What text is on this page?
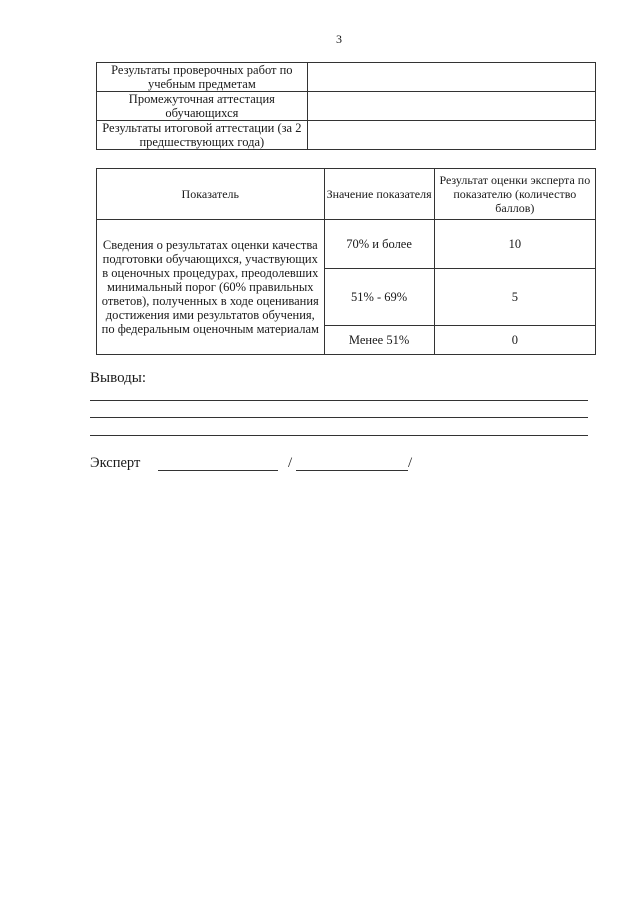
3
Результаты проверочных работ по учебным предметам	
Промежуточная аттестация обучающихся	
Результаты итоговой аттестации (за 2 предшествующих года)	
Показатель	Значение показателя	Результат оценки эксперта по показателю (количество баллов)
Сведения о результатах оценки качества подготовки обучающихся, участвующих в оценочных процедурах, преодолевших минимальный порог (60% правильных ответов), полученных в ходе оценивания достижения ими результатов обучения, по федеральным оценочным материалам	70% и более	10
	51% - 69%	5
	Менее 51%	0
Выводы:
Эксперт	/	/
